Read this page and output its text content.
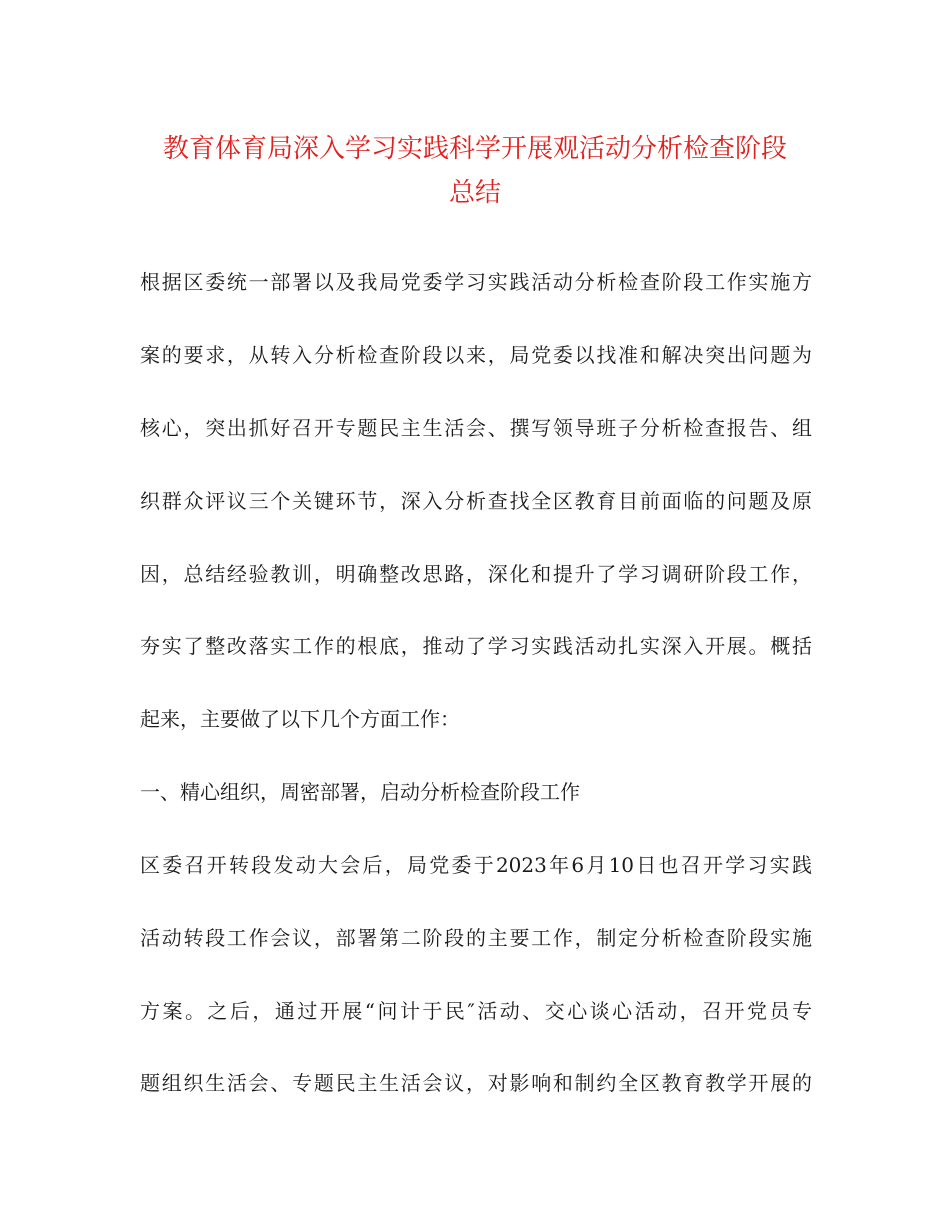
教育体育局深入学习实践科学开展观活动分析检查阶段
总结
根据区委统一部署以及我局党委学习实践活动分析检查阶段工作实施方
案的要求，从转入分析检查阶段以来，局党委以找准和解决突出问题为
核心，突出抓好召开专题民主生活会、撰写领导班子分析检查报告、组
织群众评议三个关键环节，深入分析查找全区教育目前面临的问题及原
因，总结经验教训，明确整改思路，深化和提升了学习调研阶段工作，
夯实了整改落实工作的根底，推动了学习实践活动扎实深入开展。概括
起来，主要做了以下几个方面工作：
一、精心组织，周密部署，启动分析检查阶段工作
区委召开转段发动大会后，局党委于2023年6月10日也召开学习实践
活动转段工作会议，部署第二阶段的主要工作，制定分析检查阶段实施
方案。之后，通过开展“问计于民″活动、交心谈心活动，召开党员专
题组织生活会、专题民主生活会议，对影响和制约全区教育教学开展的
